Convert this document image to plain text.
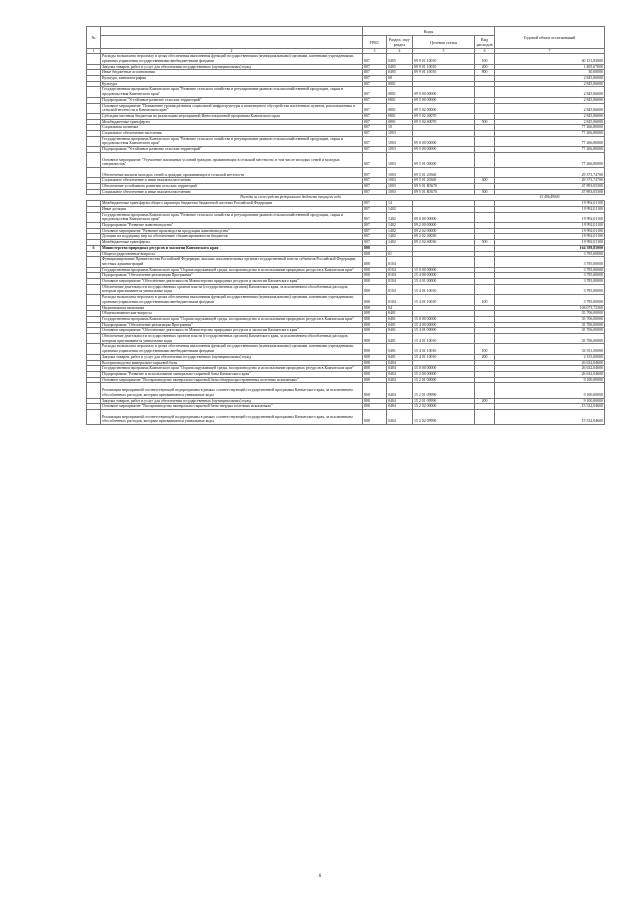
№		Коды				Годовой объем ассигнований
		ГРБС	Раздел, под-раздел	Целевая статья	Вид расходов	
1	2	3	4	5	6	7
	Расходы на выплаты персоналу в целях обеспечения выполнения функций государственными (муниципальными) органами, казенными учреждениями, органами управления государственными внебюджетными фондами	807	0405	09 9 01 10010	100	40 151,83000
	Закупка товаров, работ и услуг для обеспечения государственных (муниципальных) нужд	807	0405	09 9 01 10010	200	1 405,67000
	Иные бюджетные ассигнования	807	0405	09 9 01 10010	800	30,00000
	Культура, кинематография	807	08			2 845,06000
	Культура	807	0801			2 845,06000
	Государственная программа Камчатского края "Развитие сельского хозяйства и регулирование рынков сельскохозяйственной продукции, сырья и продовольствия Камчатского края"	807	0801	09 0 00 00000		2 845,06000
	Подпрограмма "Устойчивое развитие сельских территорий"	807	0801	09 5 00 00000		2 845,06000
	Основное мероприятие "Повышение уровня развития социальной инфраструктуры и инженерного обустройства населенных пунктов, расположенных в сельской местности в Камчатском крае"	807	0801	09 5 02 00000		2 845,06000
	Субсидии местным бюджетам на реализацию мероприятий Инвестиционной программы Камчатского края	807	0801	09 5 02 40070		2 845,06000
	Межбюджетные трансферты	807	0801	09 5 02 40070	500	2 845,06000
	Социальная политика	807	10			77 266,80000
	Социальное обеспечение населения	807	1003			77 266,80000
	Государственная программа Камчатского края "Развитие сельского хозяйства и регулирование рынков сельскохозяйственной продукции, сырья и продовольствия Камчатского края"	807	1003	09 0 00 00000		77 266,80000
	Подпрограмма "Устойчивое развитие сельских территорий"	807	1003	09 5 00 00000		77 266,80000

Основное мероприятие "Улучшение жилищных условий граждан, проживающих в сельской местности, в том числе молодых семей и молодых специалистов"	807	1003	09 5 01 00000		77 266,80000

Обеспечение жильем молодых семей и граждан, проживающих в сельской местности	807	1003	09 5 01 20360		29 373,74700
	Социальное обеспечение и иные выплаты населению	807	1003	09 5 01 20360	300	29 373,74700
	Обеспечение устойчивого развития сельских территорий	807	1003	09 5 01 R5670		47 893,05300
	Социальное обеспечение и иные выплаты населению	807	1003	09 5 01 R5670	300	47 893,05300
Расходы за счет средств федерального бюджета текущего года						41 496,49000
	Межбюджетные трансферты общего характера бюджетам бюджетной системы Российской Федерации	807	14			19 992,01100
	Иные дотации	807	1402			19 992,01100
	Государственная программа Камчатского края "Развитие сельского хозяйства и регулирование рынков сельскохозяйственной продукции, сырья и продовольствия Камчатского края"	807	1402	09 0 00 00000		19 992,01100
	Подпрограмма "Развитие животноводства"	807	1402	09 2 00 00000		19 992,01100
	Основное мероприятие "Развитие производства продукции животноводства"	807	1402	09 2 02 00000		19 992,01100
	Дотации на поддержку мер по обеспечению сбалансированности бюджетов	807	1402	09 2 02 40030		19 992,01100
	Межбюджетные трансферты	807	1402	09 2 02 40030	500	19 992,01100
6	Министерство природных ресурсов и экологии Камчатского края	808				164 398,85000
	Общегосударственные вопросы	808	01			3 785,00000
	Функционирование Правительства Российской Федерации, высших исполнительных органов государственной власти субъектов Российской Федерации, местных администраций	808	0104			3 785,00000
	Государственная программа Камчатского края "Охрана окружающей среды, воспроизводство и использование природных ресурсов в Камчатском крае"	808	0104	15 0 00 00000		3 785,00000
	Подпрограмма "Обеспечение реализации Программы"	808	0104	15 4 00 00000		3 785,00000
	Основное мероприятие "Обеспечение деятельности Министерства природных ресурсов и экологии Камчатского края"	808	0104	15 4 01 00000		3 785,00000
	Обеспечение деятельности государственных органов власти (государственных органов) Камчатского края, за исключением обособленных расходов, которым присваиваются уникальные коды	808	0104	15 4 01 10010		3 785,00000
	Расходы на выплаты персоналу в целях обеспечения выполнения функций государственными (муниципальными) органами, казенными учреждениями, органами управления государственными внебюджетными фондами	808	0104	15 4 01 10010	100	3 785,00000
	Национальная экономика	808	04			106 073,72360
	Общеэкономические вопросы	808	0401			35 706,00000
	Государственная программа Камчатского края "Охрана окружающей среды, воспроизводство и использование природных ресурсов в Камчатском крае"	808	0401	15 0 00 00000		35 706,00000
	Подпрограмма "Обеспечение реализации Программы"	808	0401	15 4 00 00000		35 706,00000
	Основное мероприятие "Обеспечение деятельности Министерства природных ресурсов и экологии Камчатского края"	808	0401	15 4 01 00000		35 706,00000
	Обеспечение деятельности государственных органов власти (государственных органов) Камчатского края, за исключением обособленных расходов, которым присваиваются уникальные коды	808	0401	15 4 01 10010		35 706,00000
	Расходы на выплаты персоналу в целях обеспечения выполнения функций государственными (муниципальными) органами, казенными учреждениями, органами управления государственными внебюджетными фондами	808	0401	15 4 01 10010	100	33 551,00000
	Закупка товаров, работ и услуг для обеспечения государственных (муниципальных) нужд	808	0401	15 4 01 10010	200	2 155,00000
	Воспроизводство минерально-сырьевой базы	808	0404			26 632,04600
	Государственная программа Камчатского края "Охрана окружающей среды, воспроизводство и использование природных ресурсов в Камчатском крае"	808	0404	15 0 00 00000		26 632,04600
	Подпрограмма "Развитие и использование минерально-сырьевой базы Камчатского края"	808	0404	15 2 00 00000		26 632,04600
	Основное мероприятие "Воспроизводство минерально-сырьевой базы общераспространенных полезных ископаемых"	808	0404	15 2 01 00000		9 100,00000

Реализация мероприятий соответствующей подпрограммы в рамках соответствующей государственной программы Камчатского края, за исключением обособленных расходов, которым присваиваются уникальные коды	808	0404	15 2 01 09990		9 100,00000
	Закупка товаров, работ и услуг для обеспечения государственных (муниципальных) нужд	808	0404	15 2 01 09990	200	9 100,00000
	Основное мероприятие "Воспроизводство минерально-сырьевой базы твердых полезных ископаемых"	808	0404	15 2 02 00000		15 532,04600

Реализация мероприятий соответствующей подпрограммы в рамках соответствующей государственной программы Камчатского края, за исключением обособленных расходов, которым присваиваются уникальные коды	808	0404	15 2 02 09990		15 532,04600
6
